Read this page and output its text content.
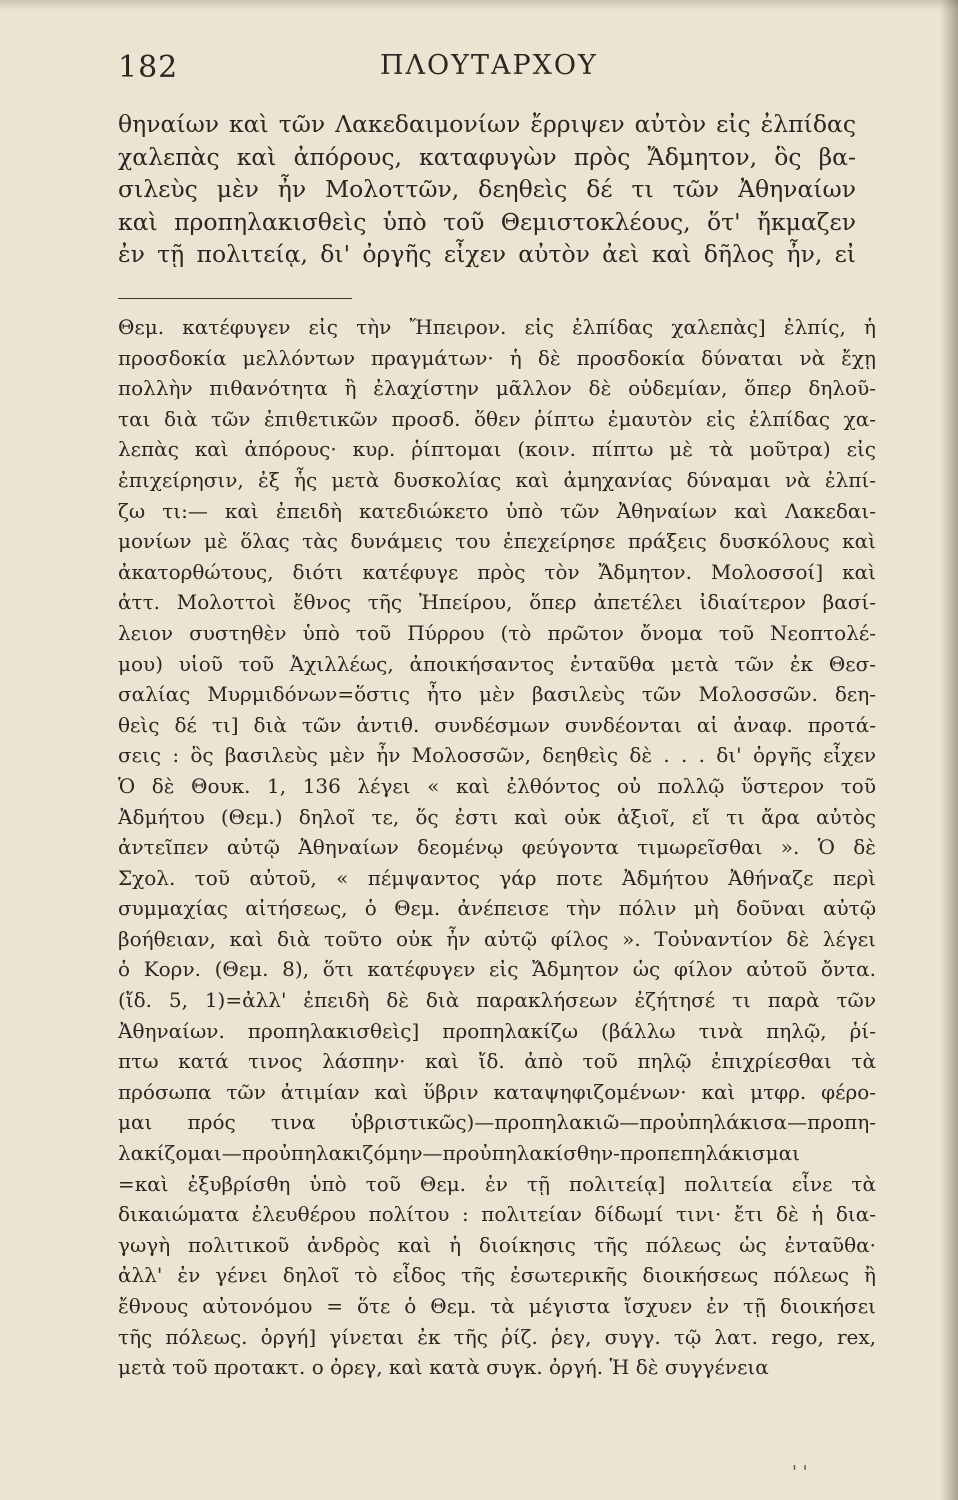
182	ΠΛΟΥΤΑΡΧΟΥ
θηναίων καὶ τῶν Λακεδαιμονίων ἔρριψεν αὐτὸν εἰς ἐλπίδας
χαλεπὰς καὶ ἀπόρους, καταφυγὼν πρὸς Ἄδμητον, ὃς βα-
σιλεὺς μὲν ἦν Μολοττῶν, δεηθεὶς δέ τι τῶν Ἀθηναίων
καὶ προπηλακισθεὶς ὑπὸ τοῦ Θεμιστοκλέους, ὅτ' ἤκμαζεν
ἐν τῇ πολιτείᾳ, δι' ὀργῆς εἶχεν αὐτὸν ἀεὶ καὶ δῆλος ἦν, εἰ
Θεμ. κατέφυγεν εἰς τὴν Ἤπειρον. εἰς ἐλπίδας χαλεπὰς] ἐλπίς, ἡ
προσδοκία μελλόντων πραγμάτων· ἡ δὲ προσδοκία δύναται νὰ ἔχῃ
πολλὴν πιθανότητα ἢ ἐλαχίστην μᾶλλον δὲ οὐδεμίαν, ὅπερ δηλοῦ-
ται διὰ τῶν ἐπιθετικῶν προσδ. ὅθεν ῥίπτω ἐμαυτὸν εἰς ἐλπίδας χα-
λεπὰς καὶ ἀπόρους· κυρ. ῥίπτομαι (κοιν. πίπτω μὲ τὰ μοῦτρα) εἰς
ἐπιχείρησιν, ἐξ ἧς μετὰ δυσκολίας καὶ ἀμηχανίας δύναμαι νὰ ἐλπί-
ζω τι:— καὶ ἐπειδὴ κατεδιώκετο ὑπὸ τῶν Ἀθηναίων καὶ Λακεδαι-
μονίων μὲ ὅλας τὰς δυνάμεις του ἐπεχείρησε πράξεις δυσκόλους καὶ
ἀκατορθώτους, διότι κατέφυγε πρὸς τὸν Ἄδμητον. Μολοσσοί] καὶ
ἀττ. Μολοττοὶ ἔθνος τῆς Ἠπείρου, ὅπερ ἀπετέλει ἰδιαίτερον βασί-
λειον συστηθὲν ὑπὸ τοῦ Πύρρου (τὸ πρῶτον ὄνομα τοῦ Νεοπτολέ-
μου) υἱοῦ τοῦ Ἀχιλλέως, ἀποικήσαντος ἐνταῦθα μετὰ τῶν ἐκ Θεσ-
σαλίας Μυρμιδόνων=ὅστις ἦτο μὲν βασιλεὺς τῶν Μολοσσῶν. δεη-
θεὶς δέ τι] διὰ τῶν ἀντιθ. συνδέσμων συνδέονται αἱ ἀναφ. προτά-
σεις : ὃς βασιλεὺς μὲν ἦν Μολοσσῶν, δεηθεὶς δὲ . . . δι' ὀργῆς εἶχεν
Ὁ δὲ Θουκ. 1, 136 λέγει « καὶ ἐλθόντος οὐ πολλῷ ὕστερον τοῦ
Ἀδμήτου (Θεμ.) δηλοῖ τε, ὅς ἐστι καὶ οὐκ ἀξιοῖ, εἴ τι ἄρα αὐτὸς
ἀντεῖπεν αὐτῷ Ἀθηναίων δεομένῳ φεύγοντα τιμωρεῖσθαι ». Ὁ δὲ
Σχολ. τοῦ αὐτοῦ, « πέμψαντος γάρ ποτε Ἀδμήτου Ἀθήναζε περὶ
συμμαχίας αἰτήσεως, ὁ Θεμ. ἀνέπεισε τὴν πόλιν μὴ δοῦναι αὐτῷ
βοήθειαν, καὶ διὰ τοῦτο οὐκ ἦν αὐτῷ φίλος ». Τοὐναντίον δὲ λέγει
ὁ Κορν. (Θεμ. 8), ὅτι κατέφυγεν εἰς Ἄδμητον ὡς φίλον αὐτοῦ ὄντα.
(ἴδ. 5, 1)=ἀλλ' ἐπειδὴ δὲ διὰ παρακλήσεων ἐζήτησέ τι παρὰ τῶν
Ἀθηναίων. προπηλακισθεὶς] προπηλακίζω (βάλλω τινὰ πηλῷ, ῥί-
πτω κατά τινος λάσπην· καὶ ἴδ. ἀπὸ τοῦ πηλῷ ἐπιχρίεσθαι τὰ
πρόσωπα τῶν ἀτιμίαν καὶ ὕβριν καταψηφιζομένων· καὶ μτφρ. φέρο-
μαι πρός τινα ὑβριστικῶς)—προπηλακιῶ—προὐπηλάκισα—προπη-
λακίζομαι—προὐπηλακιζόμην—προὐπηλακίσθην-προπεπηλάκισμαι
=καὶ ἐξυβρίσθη ὑπὸ τοῦ Θεμ. ἐν τῇ πολιτείᾳ] πολιτεία εἶνε τὰ
δικαιώματα ἐλευθέρου πολίτου : πολιτείαν δίδωμί τινι· ἔτι δὲ ἡ δια-
γωγὴ πολιτικοῦ ἀνδρὸς καὶ ἡ διοίκησις τῆς πόλεως ὡς ἐνταῦθα·
ἀλλ' ἐν γένει δηλοῖ τὸ εἶδος τῆς ἐσωτερικῆς διοικήσεως πόλεως ἢ
ἔθνους αὐτονόμου = ὅτε ὁ Θεμ. τὰ μέγιστα ἴσχυεν ἐν τῇ διοικήσει
τῆς πόλεως. ὀργή] γίνεται ἐκ τῆς ῥίζ. ῥεγ, συγγ. τῷ λατ. rego, rex,
μετὰ τοῦ προτακτ. ο ὀρεγ, καὶ κατὰ συγκ. ὀργή. Ἡ δὲ συγγένεια
' '
